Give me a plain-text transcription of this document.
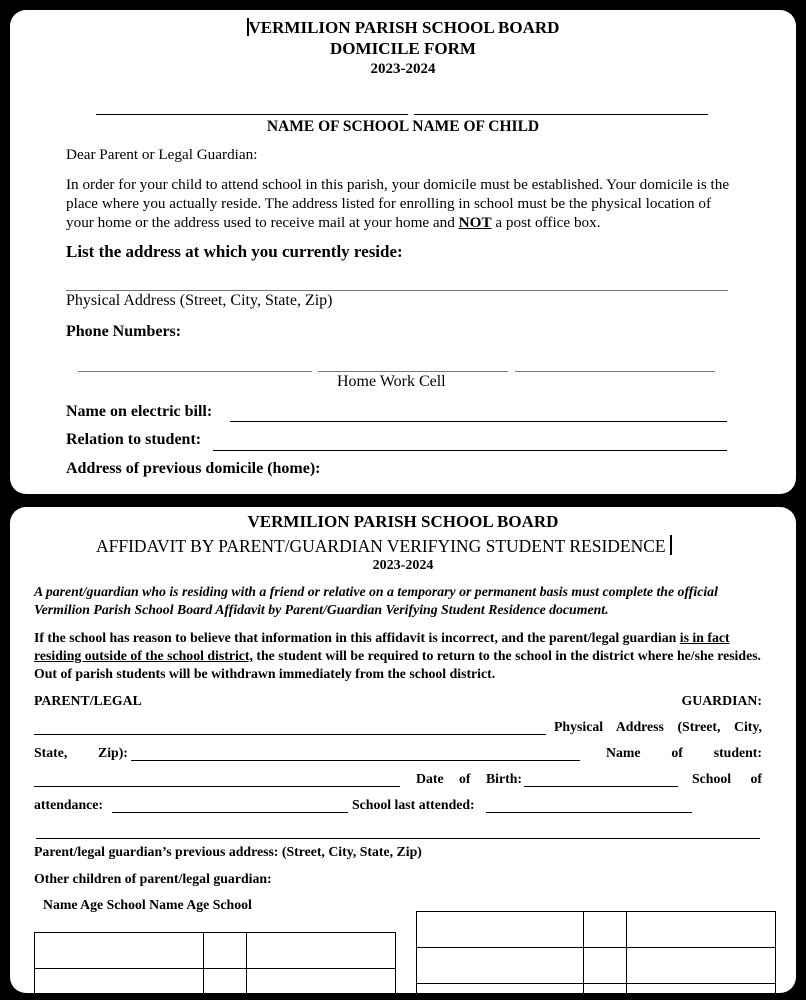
VERMILION PARISH SCHOOL BOARD
DOMICILE FORM
2023-2024
NAME OF SCHOOL NAME OF CHILD
Dear Parent or Legal Guardian:
In order for your child to attend school in this parish, your domicile must be established. Your domicile is the place where you actually reside. The address listed for enrolling in school must be the physical location of your home or the address used to receive mail at your home and NOT a post office box.
List the address at which you currently reside:
Physical Address (Street, City, State, Zip)
Phone Numbers:
Home Work Cell
Name on electric bill:
Relation to student:
Address of previous domicile (home):
VERMILION PARISH SCHOOL BOARD
AFFIDAVIT BY PARENT/GUARDIAN VERIFYING STUDENT RESIDENCE
2023-2024
A parent/guardian who is residing with a friend or relative on a temporary or permanent basis must complete the official Vermilion Parish School Board Affidavit by Parent/Guardian Verifying Student Residence document.
If the school has reason to believe that information in this affidavit is incorrect, and the parent/legal guardian is in fact residing outside of the school district, the student will be required to return to the school in the district where he/she resides. Out of parish students will be withdrawn immediately from the school district.
PARENT/LEGAL	GUARDIAN:
Physical Address (Street, City,
State, Zip):	Name of student:
Date of Birth:	School of
attendance:	School last attended:
Parent/legal guardian’s previous address: (Street, City, State, Zip)
Other children of parent/legal guardian:
Name Age School Name Age School
